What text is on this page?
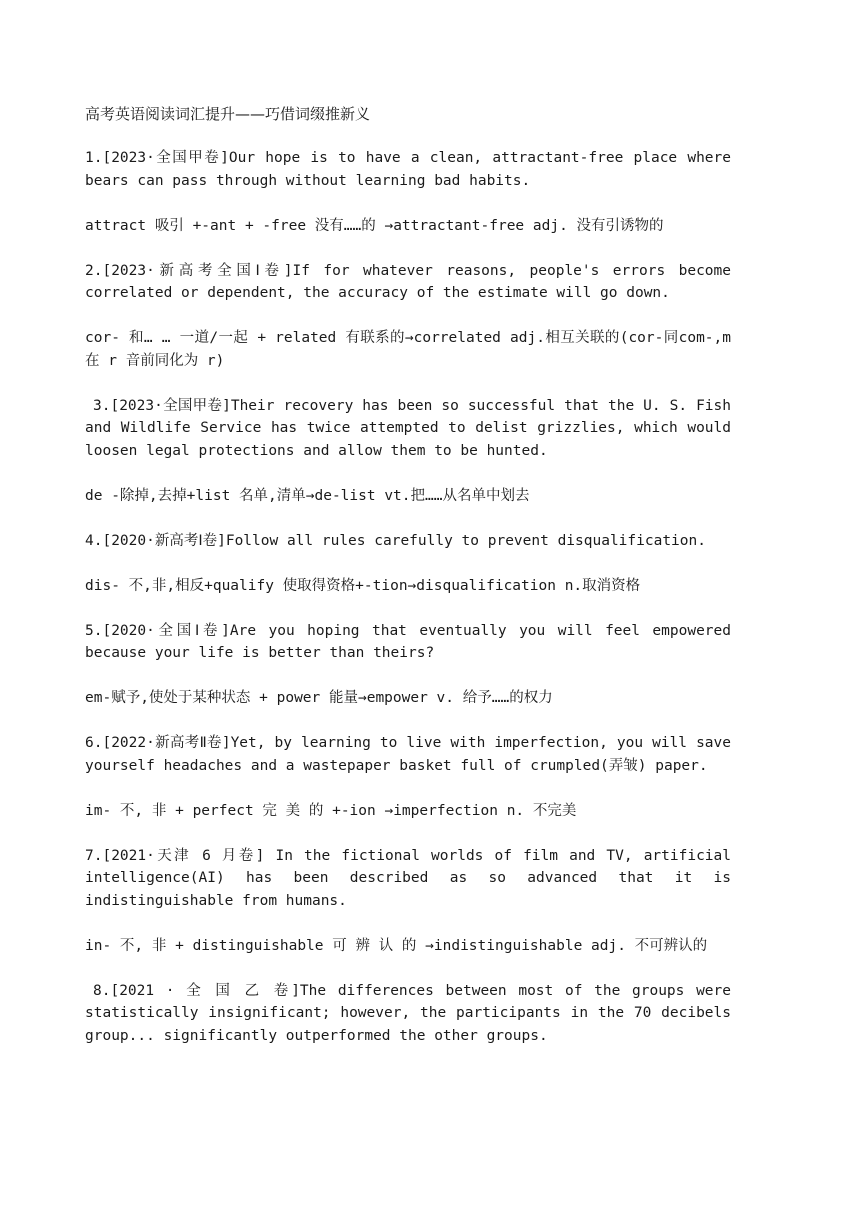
高考英语阅读词汇提升——巧借词缀推新义

1.[2023·全国甲卷]Our hope is to have a clean, attractant-free place where bears can pass through without learning bad habits.

attract 吸引 +-ant + -free 没有……的 →attractant-free adj. 没有引诱物的

2.[2023·新高考全国Ⅰ卷]If for whatever reasons, people's errors become correlated or dependent, the accuracy of the estimate will go down.

cor- 和… … 一道/一起 + related 有联系的→correlated adj.相互关联的(cor-同com-,m 在 r 音前同化为 r)

3.[2023·全国甲卷]Their recovery has been so successful that the U. S. Fish and Wildlife Service has twice attempted to delist grizzlies, which would loosen legal protections and allow them to be hunted.

de -除掉,去掉+list 名单,清单→de-list vt.把……从名单中划去

4.[2020·新高考Ⅰ卷]Follow all rules carefully to prevent disqualification.

dis- 不,非,相反+qualify 使取得资格+-tion→disqualification n.取消资格

5.[2020·全国Ⅰ卷]Are you hoping that eventually you will feel empowered because your life is better than theirs?

em-赋予,使处于某种状态 + power 能量→empower v. 给予……的权力

6.[2022·新高考Ⅱ卷]Yet, by learning to live with imperfection, you will save yourself headaches and a wastepaper basket full of crumpled(弄皱) paper.

im- 不, 非 + perfect 完 美 的 +-ion →imperfection n. 不完美

7.[2021·天津 6 月卷] In the fictional worlds of film and TV, artificial intelligence(AI) has been described as so advanced that it is indistinguishable from humans.

in- 不, 非 + distinguishable 可 辨 认 的 →indistinguishable adj. 不可辨认的

8.[2021 · 全 国 乙 卷]The differences between most of the groups were statistically insignificant; however, the participants in the 70 decibels group... significantly outperformed the other groups.
